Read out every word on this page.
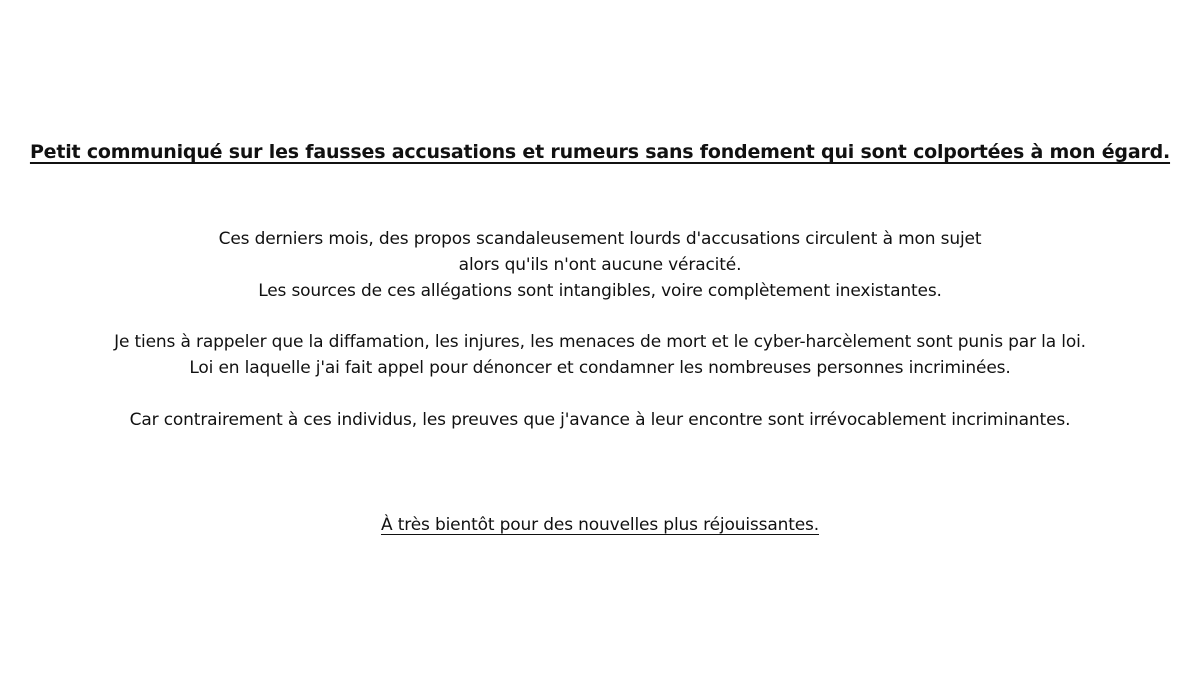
Petit communiqué sur les fausses accusations et rumeurs sans fondement qui sont colportées à mon égard.
Ces derniers mois, des propos scandaleusement lourds d'accusations circulent à mon sujet
alors qu'ils n'ont aucune véracité.
Les sources de ces allégations sont intangibles, voire complètement inexistantes.
Je tiens à rappeler que la diffamation, les injures, les menaces de mort et le cyber-harcèlement sont punis par la loi.
Loi en laquelle j'ai fait appel pour dénoncer et condamner les nombreuses personnes incriminées.
Car contrairement à ces individus, les preuves que j'avance à leur encontre sont irrévocablement incriminantes.
À très bientôt pour des nouvelles plus réjouissantes.
